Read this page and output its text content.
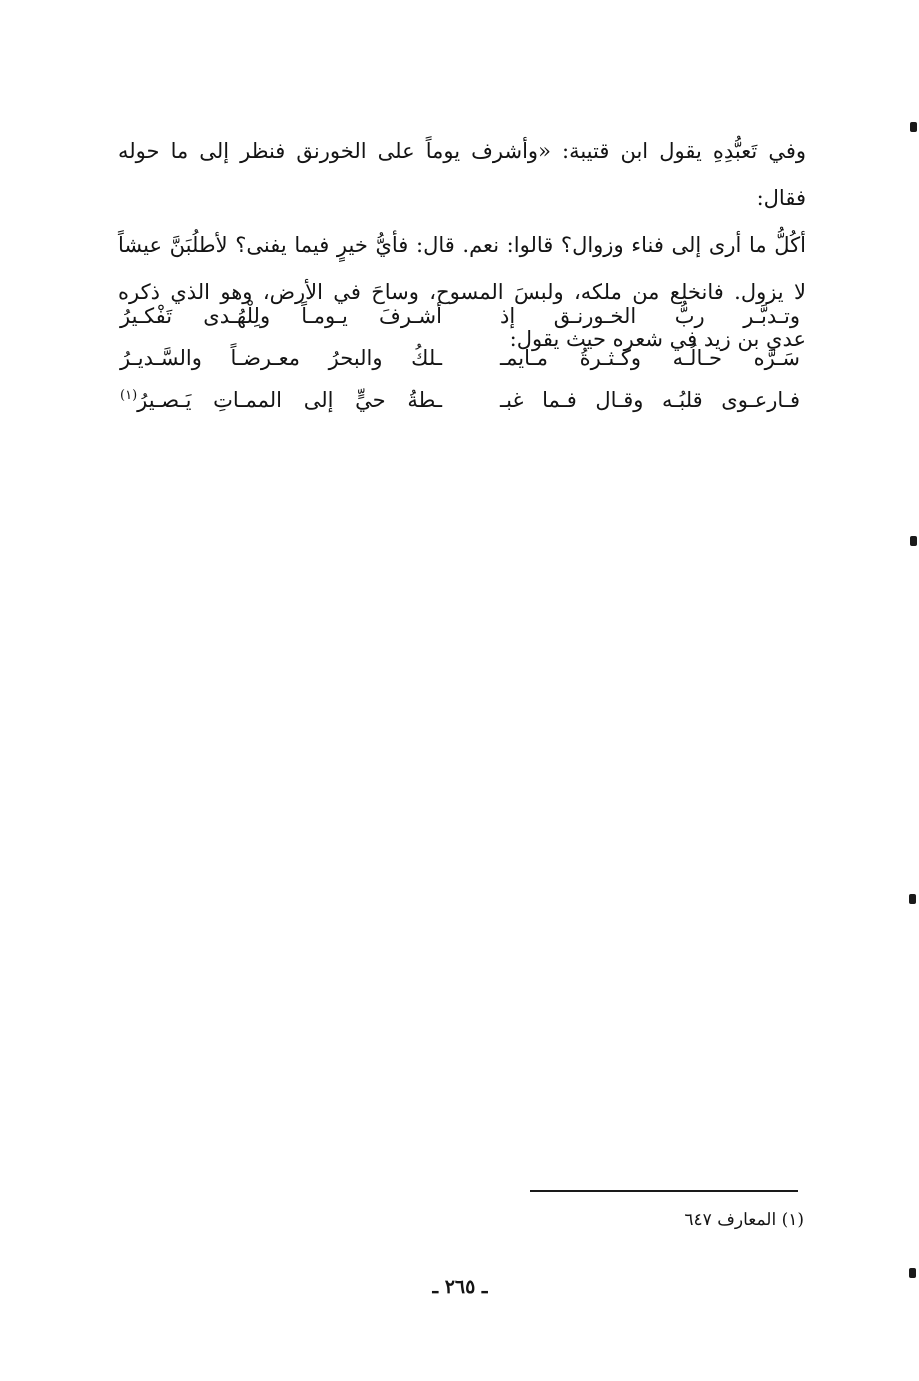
وفي تَعبُّدِهِ يقول ابن قتيبة: «وأشرف يوماً على الخورنق فنظر إلى ما حوله فقال:

أكُلُّ ما أرى إلى فناء وزوال؟ قالوا: نعم. قال: فأيُّ خيرٍ فيما يفنى؟ لأطلُبَنَّ عيشاً

لا يزول. فانخلع من ملكه، ولبسَ المسوح، وساحَ في الأرض، وهو الذي ذكره

عدي بن زيد في شعره حيث يقول:

وتـدبَّـر ربُّ الخـورنـق إذ
أشـرفَ يـومـاً ولِلْهُـدى تَفْكـيرُ
سَـرَّه حـالُـه وكـثـرةُ مـايمـ
ـلكُ والبحرُ معـرضـاً والسَّـديـرُ
فـارعـوى قلبُـه وقـال فـما غبـ
ـطةُ حيٍّ إلى الممـاتِ يَـصـيرُ$^{(١)}$
(١) المعارف ٦٤٧
ـ ٢٦٥ ـ
